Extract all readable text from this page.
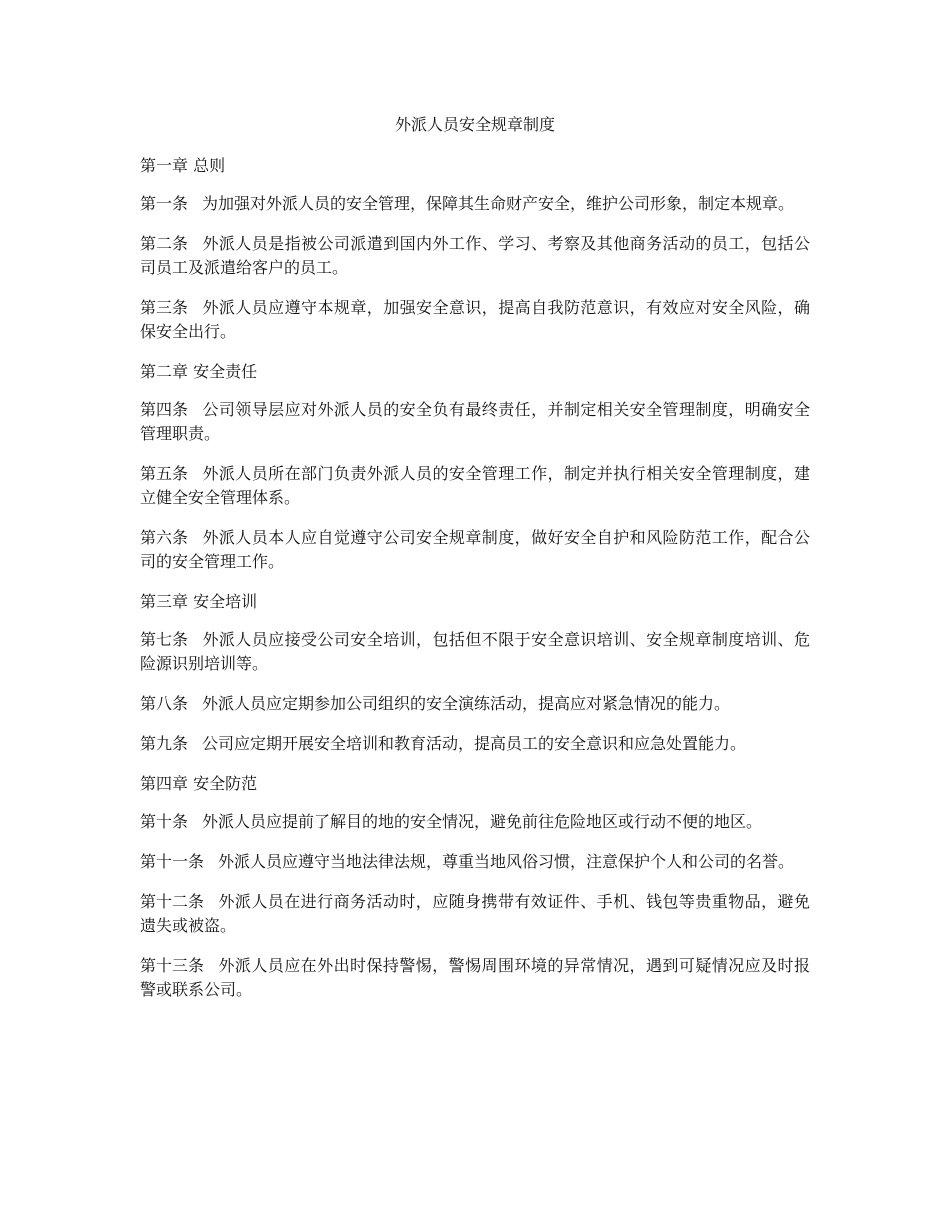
外派人员安全规章制度

第一章 总则

第一条 为加强对外派人员的安全管理，保障其生命财产安全，维护公司形象，制定本规章。

第二条 外派人员是指被公司派遣到国内外工作、学习、考察及其他商务活动的员工，包括公司员工及派遣给客户的员工。

第三条 外派人员应遵守本规章，加强安全意识，提高自我防范意识，有效应对安全风险，确保安全出行。

第二章 安全责任

第四条 公司领导层应对外派人员的安全负有最终责任，并制定相关安全管理制度，明确安全管理职责。

第五条 外派人员所在部门负责外派人员的安全管理工作，制定并执行相关安全管理制度，建立健全安全管理体系。

第六条 外派人员本人应自觉遵守公司安全规章制度，做好安全自护和风险防范工作，配合公司的安全管理工作。

第三章 安全培训

第七条 外派人员应接受公司安全培训，包括但不限于安全意识培训、安全规章制度培训、危险源识别培训等。

第八条 外派人员应定期参加公司组织的安全演练活动，提高应对紧急情况的能力。

第九条 公司应定期开展安全培训和教育活动，提高员工的安全意识和应急处置能力。

第四章 安全防范

第十条 外派人员应提前了解目的地的安全情况，避免前往危险地区或行动不便的地区。

第十一条 外派人员应遵守当地法律法规，尊重当地风俗习惯，注意保护个人和公司的名誉。

第十二条 外派人员在进行商务活动时，应随身携带有效证件、手机、钱包等贵重物品，避免遗失或被盗。

第十三条 外派人员应在外出时保持警惕，警惕周围环境的异常情况，遇到可疑情况应及时报警或联系公司。
